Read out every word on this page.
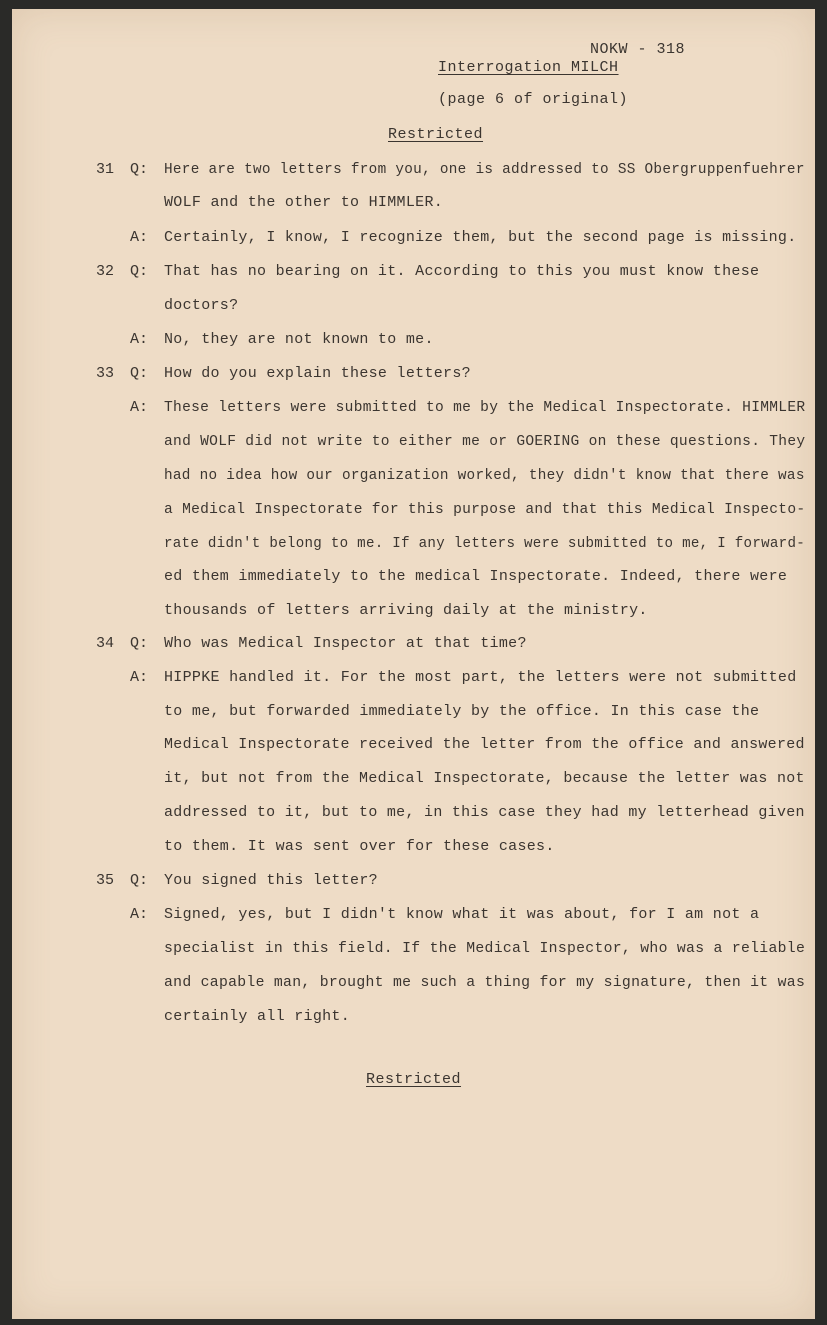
NOKW - 318
Interrogation MILCH
(page 6 of original)
Restricted
31 Q: Here are two letters from you, one is addressed to SS Obergruppenfuehrer
WOLF and the other to HIMMLER.
A: Certainly, I know, I recognize them, but the second page is missing.
32 Q: That has no bearing on it. According to this you must know these
doctors?
A: No, they are not known to me.
33 Q: How do you explain these letters?
A: These letters were submitted to me by the Medical Inspectorate. HIMMLER
and WOLF did not write to either me or GOERING on these questions. They
had no idea how our organization worked, they didn't know that there was
a Medical Inspectorate for this purpose and that this Medical Inspecto-
rate didn't belong to me. If any letters were submitted to me, I forward-
ed them immediately to the medical Inspectorate. Indeed, there were
thousands of letters arriving daily at the ministry.
34 Q: Who was Medical Inspector at that time?
A: HIPPKE handled it. For the most part, the letters were not submitted
to me, but forwarded immediately by the office. In this case the
Medical Inspectorate received the letter from the office and answered
it, but not from the Medical Inspectorate, because the letter was not
addressed to it, but to me, in this case they had my letterhead given
to them. It was sent over for these cases.
35 Q: You signed this letter?
A: Signed, yes, but I didn't know what it was about, for I am not a
specialist in this field. If the Medical Inspector, who was a reliable
and capable man, brought me such a thing for my signature, then it was
certainly all right.
Restricted
